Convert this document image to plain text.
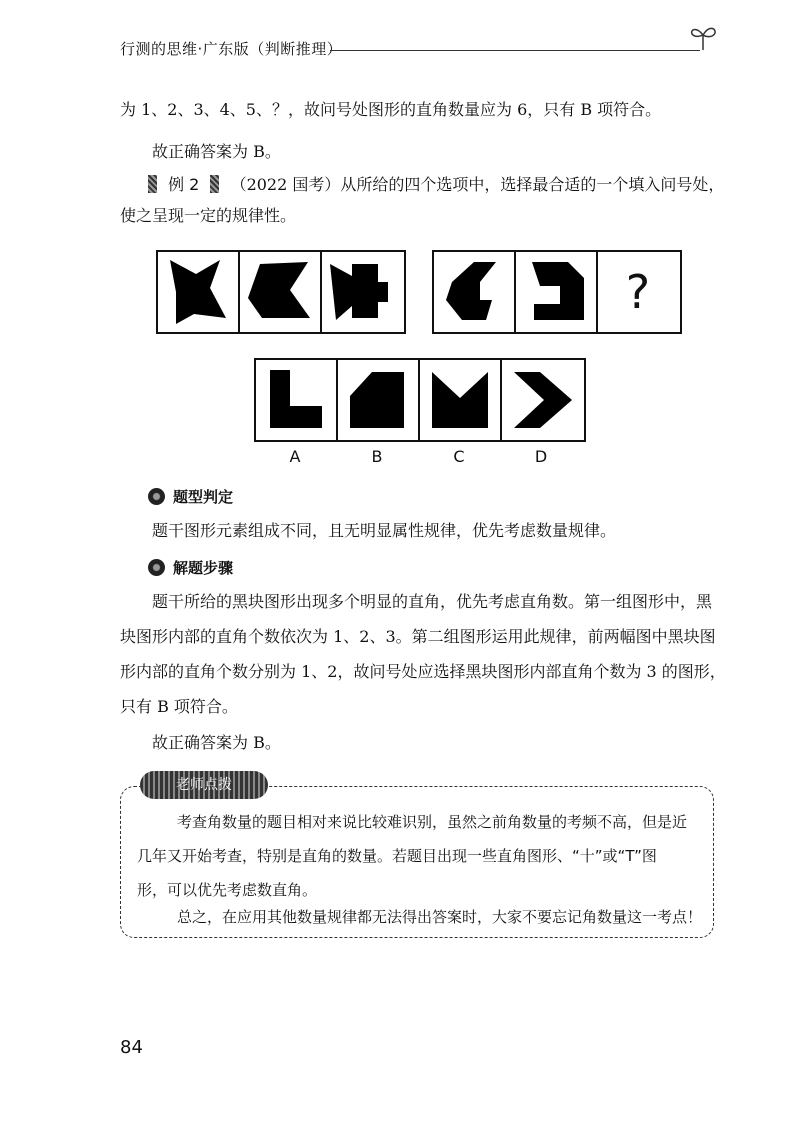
行测的思维·广东版（判断推理）
为 1、2、3、4、5、？，故问号处图形的直角数量应为 6，只有 B 项符合。
故正确答案为 B。
例 2 （2022 国考）从所给的四个选项中，选择最合适的一个填入问号处，
使之呈现一定的规律性。
?
A	B	C	D
题型判定
题干图形元素组成不同，且无明显属性规律，优先考虑数量规律。
解题步骤
题干所给的黑块图形出现多个明显的直角，优先考虑直角数。第一组图形中，黑
块图形内部的直角个数依次为 1、2、3。第二组图形运用此规律，前两幅图中黑块图
形内部的直角个数分别为 1、2，故问号处应选择黑块图形内部直角个数为 3 的图形，
只有 B 项符合。
故正确答案为 B。
老师点拨
考查角数量的题目相对来说比较难识别，虽然之前角数量的考频不高，但是近
几年又开始考查，特别是直角的数量。若题目出现一些直角图形、“十”或“T”图
形，可以优先考虑数直角。
总之，在应用其他数量规律都无法得出答案时，大家不要忘记角数量这一考点！
84
